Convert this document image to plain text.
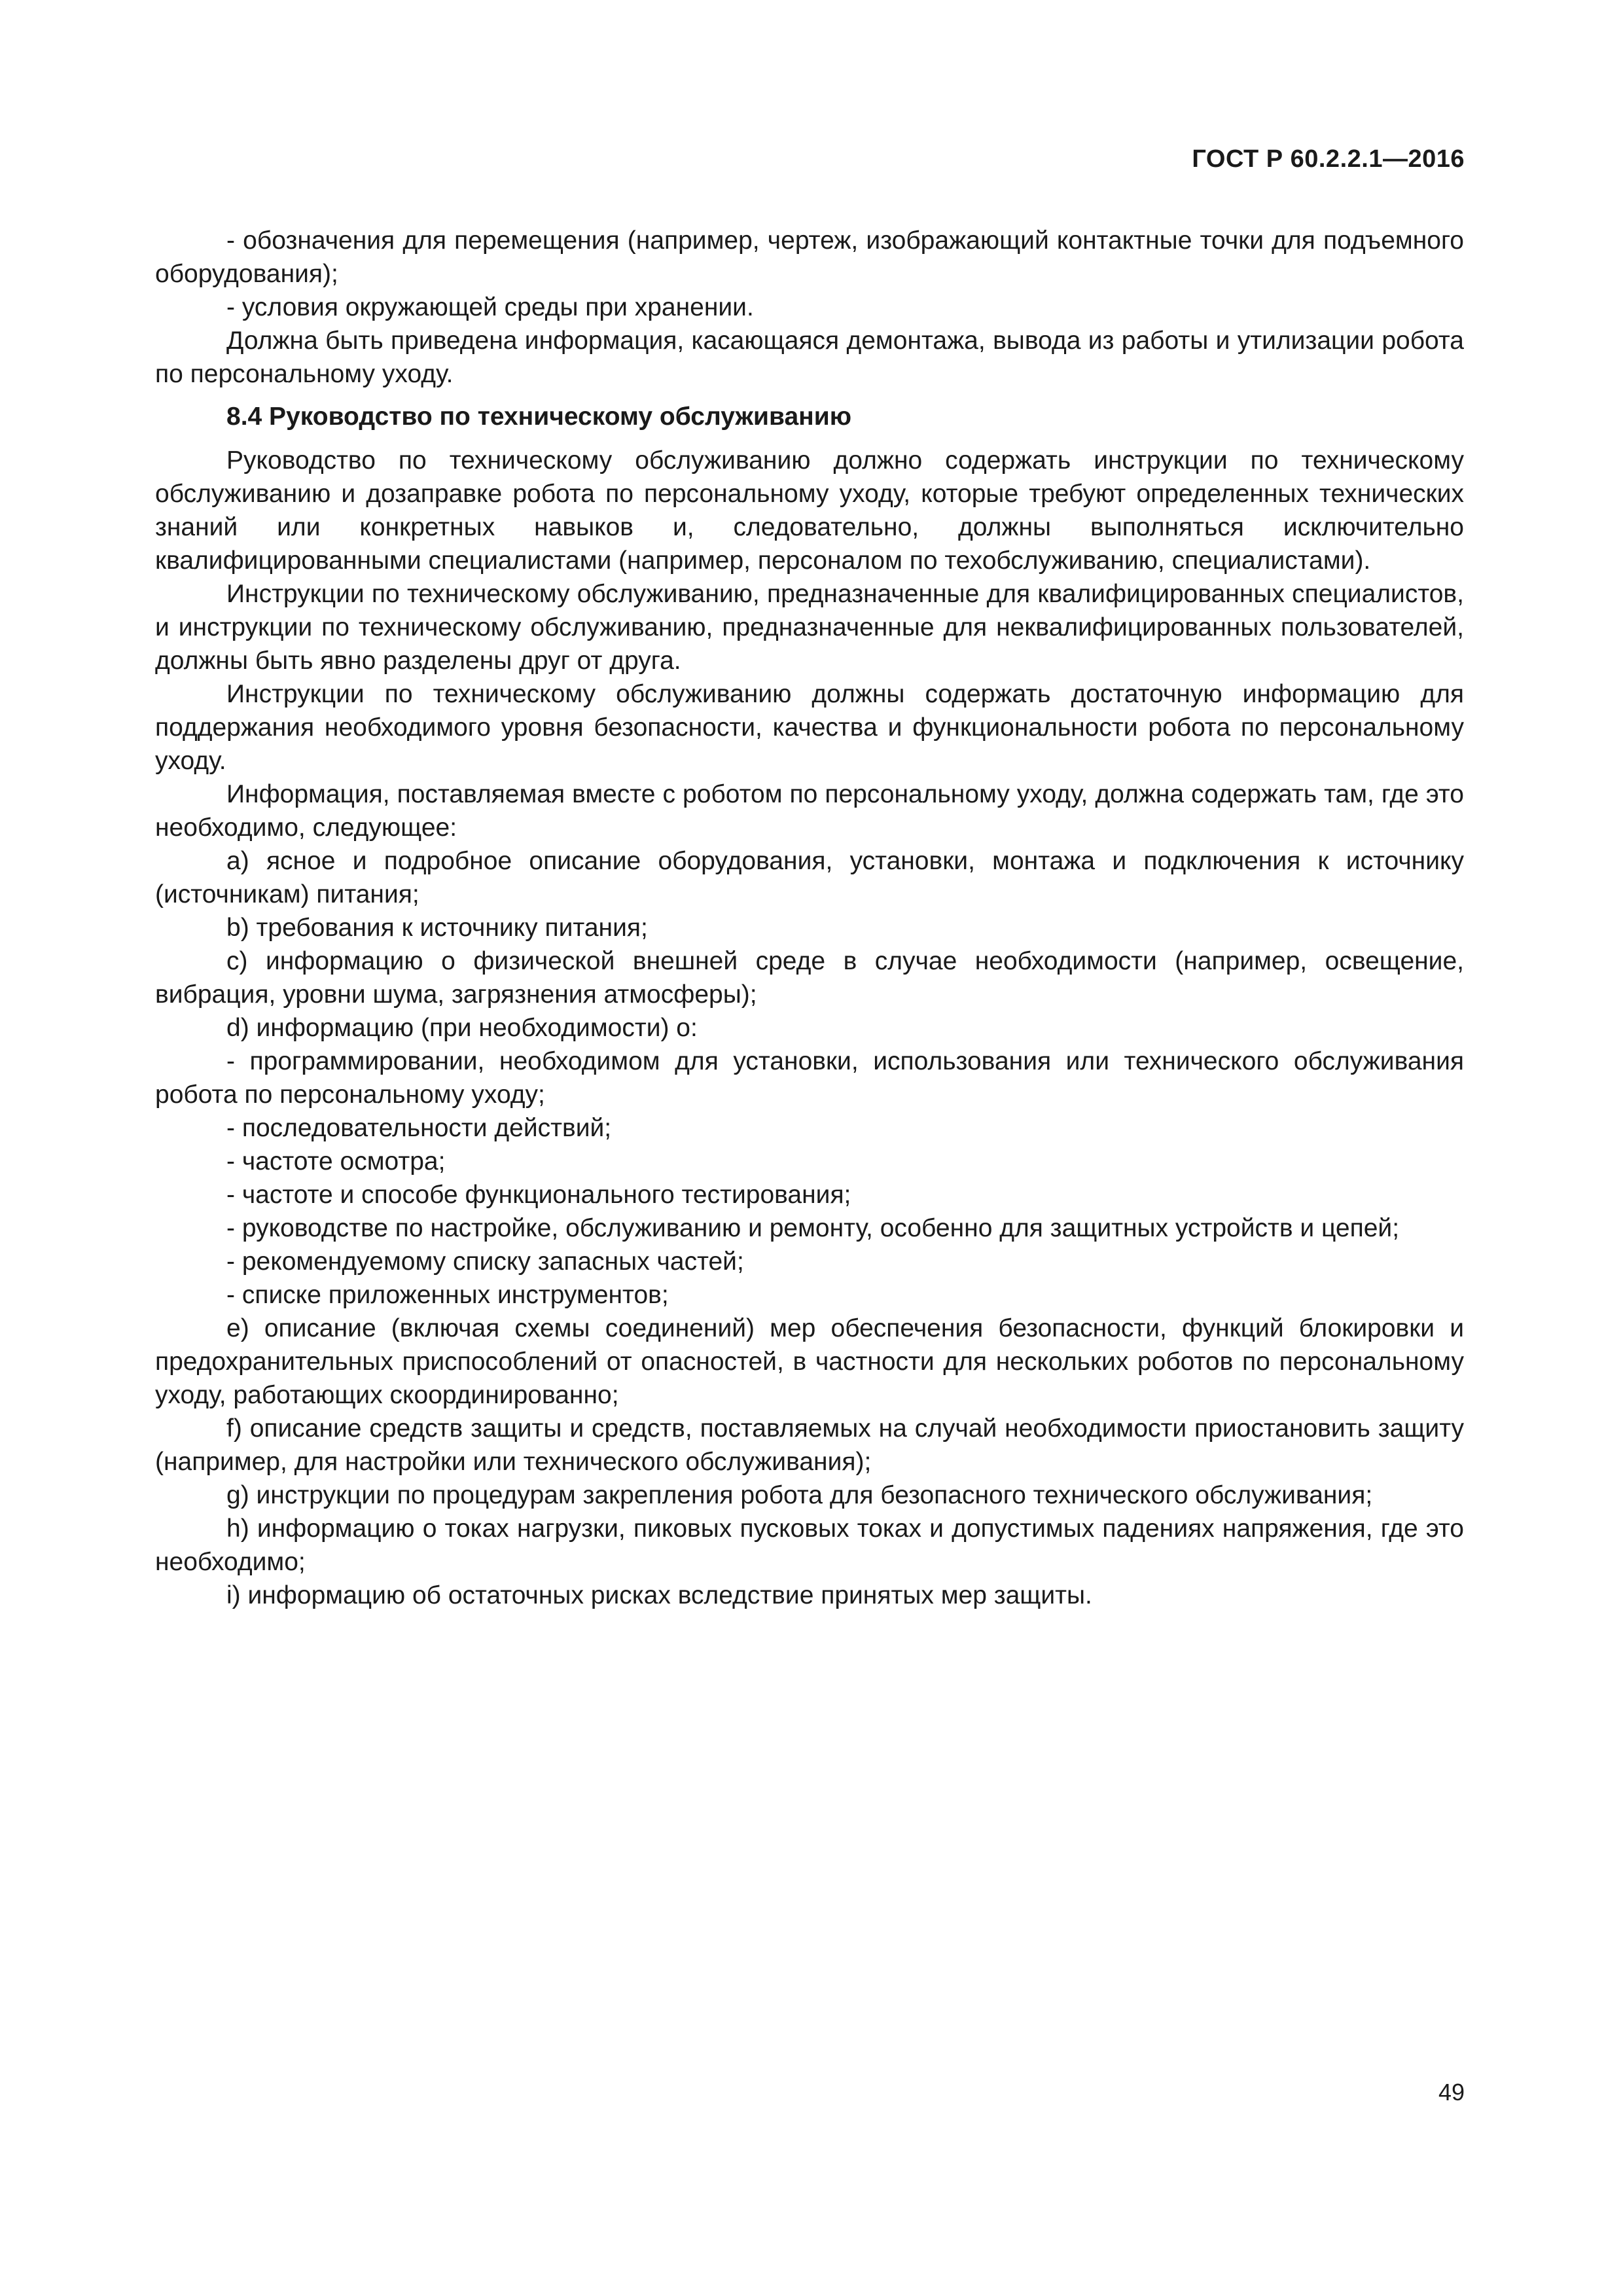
ГОСТ Р 60.2.2.1—2016

- обозначения для перемещения (например, чертеж, изображающий контактные точки для подъемного оборудования);

- условия окружающей среды при хранении.

Должна быть приведена информация, касающаяся демонтажа, вывода из работы и утилизации робота по персональному уходу.

8.4 Руководство по техническому обслуживанию

Руководство по техническому обслуживанию должно содержать инструкции по техническому обслуживанию и дозаправке робота по персональному уходу, которые требуют определенных технических знаний или конкретных навыков и, следовательно, должны выполняться исключительно квалифицированными специалистами (например, персоналом по техобслуживанию, специалистами).

Инструкции по техническому обслуживанию, предназначенные для квалифицированных специалистов, и инструкции по техническому обслуживанию, предназначенные для неквалифицированных пользователей, должны быть явно разделены друг от друга.

Инструкции по техническому обслуживанию должны содержать достаточную информацию для поддержания необходимого уровня безопасности, качества и функциональности робота по персональному уходу.

Информация, поставляемая вместе с роботом по персональному уходу, должна содержать там, где это необходимо, следующее:

a) ясное и подробное описание оборудования, установки, монтажа и подключения к источнику (источникам) питания;

b) требования к источнику питания;

c) информацию о физической внешней среде в случае необходимости (например, освещение, вибрация, уровни шума, загрязнения атмосферы);

d) информацию (при необходимости) о:

- программировании, необходимом для установки, использования или технического обслуживания робота по персональному уходу;

- последовательности действий;

- частоте осмотра;

- частоте и способе функционального тестирования;

- руководстве по настройке, обслуживанию и ремонту, особенно для защитных устройств и цепей;

- рекомендуемому списку запасных частей;

- списке приложенных инструментов;

e) описание (включая схемы соединений) мер обеспечения безопасности, функций блокировки и предохранительных приспособлений от опасностей, в частности для нескольких роботов по персональному уходу, работающих скоординированно;

f) описание средств защиты и средств, поставляемых на случай необходимости приостановить защиту (например, для настройки или технического обслуживания);

g) инструкции по процедурам закрепления робота для безопасного технического обслуживания;

h) информацию о токах нагрузки, пиковых пусковых токах и допустимых падениях напряжения, где это необходимо;

i) информацию об остаточных рисках вследствие принятых мер защиты.

49
